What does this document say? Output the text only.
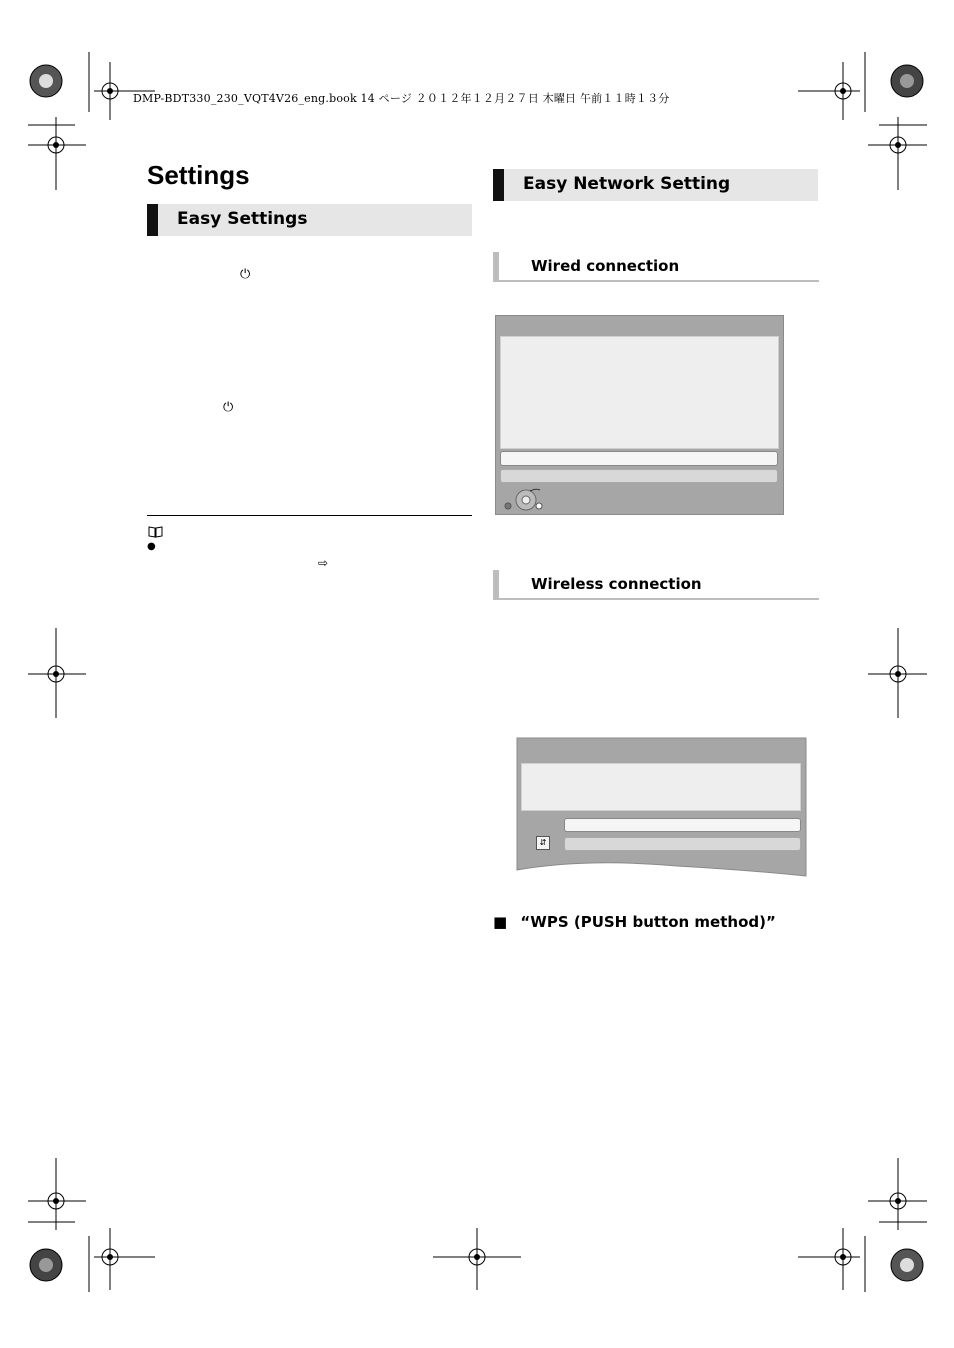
DMP-BDT330_230_VQT4V26_eng.book 14 ページ ２０１２年１２月２７日 木曜日 午前１１時１３分
Settings
Easy Settings
⏻
⏻
●
⇨
Easy Network Setting
Wired connection
Wireless connection
⇵
■ “WPS (PUSH button method)”
